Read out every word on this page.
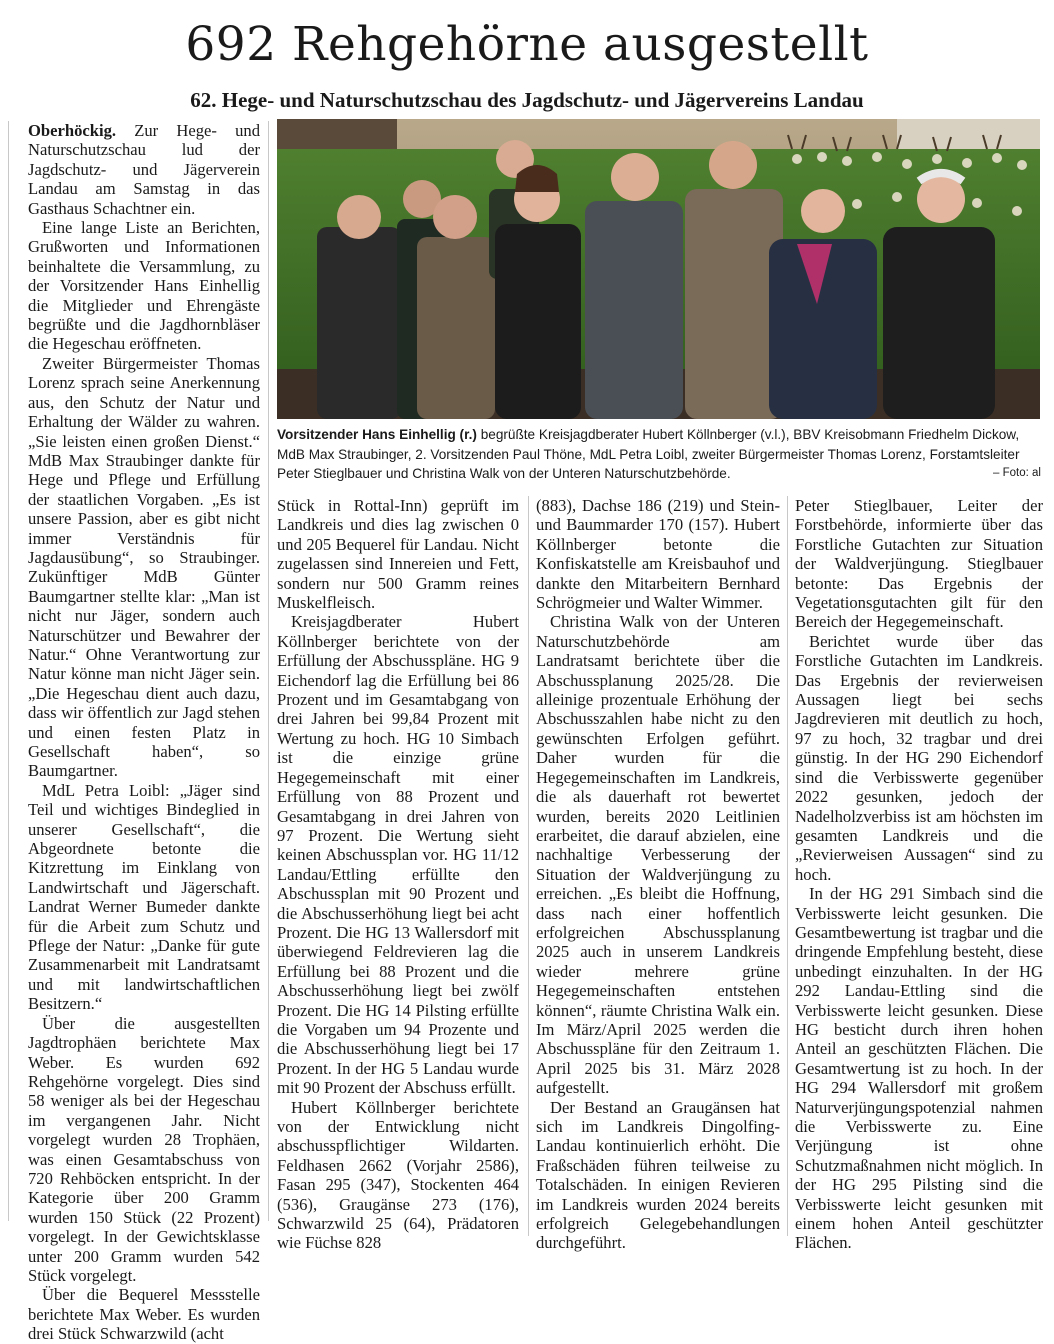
692 Rehgehörne ausgestellt
62. Hege- und Naturschutzschau des Jagdschutz- und Jägervereins Landau

Oberhöckig. Zur Hege- und Naturschutzschau lud der Jagdschutz- und Jägerverein Landau am Samstag in das Gasthaus Schachtner ein.

Eine lange Liste an Berichten, Grußworten und Informationen beinhaltete die Versammlung, zu der Vorsitzender Hans Einhellig die Mitglieder und Ehrengäste begrüßte und die Jagdhornbläser die Hegeschau eröffneten.

Zweiter Bürgermeister Thomas Lorenz sprach seine Anerkennung aus, den Schutz der Natur und Erhaltung der Wälder zu wahren. „Sie leisten einen großen Dienst.“ MdB Max Straubinger dankte für Hege und Pflege und Erfüllung der staatlichen Vorgaben. „Es ist unsere Passion, aber es gibt nicht immer Verständnis für Jagdausübung“, so Straubinger. Zukünftiger MdB Günter Baumgartner stellte klar: „Man ist nicht nur Jäger, sondern auch Naturschützer und Bewahrer der Natur.“ Ohne Verantwortung zur Natur könne man nicht Jäger sein. „Die Hegeschau dient auch dazu, dass wir öffentlich zur Jagd stehen und einen festen Platz in Gesellschaft haben“, so Baumgartner.

MdL Petra Loibl: „Jäger sind Teil und wichtiges Bindeglied in unserer Gesellschaft“, die Abgeordnete betonte die Kitzrettung im Einklang von Landwirtschaft und Jägerschaft. Landrat Werner Bumeder dankte für die Arbeit zum Schutz und Pflege der Natur: „Danke für gute Zusammenarbeit mit Landratsamt und mit landwirtschaftlichen Besitzern.“

Über die ausgestellten Jagdtrophäen berichtete Max Weber. Es wurden 692 Rehgehörne vorgelegt. Dies sind 58 weniger als bei der Hegeschau im vergangenen Jahr. Nicht vorgelegt wurden 28 Trophäen, was einen Gesamtabschuss von 720 Rehböcken entspricht. In der Kategorie über 200 Gramm wurden 150 Stück (22 Prozent) vorgelegt. In der Gewichtsklasse unter 200 Gramm wurden 542 Stück vorgelegt.

Über die Bequerel Messstelle berichtete Max Weber. Es wurden drei Stück Schwarzwild (acht

Vorsitzender Hans Einhellig (r.) begrüßte Kreisjagdberater Hubert Köllnberger (v.l.), BBV Kreisobmann Friedhelm Dickow, MdB Max Straubinger, 2. Vorsitzenden Paul Thöne, MdL Petra Loibl, zweiter Bürgermeister Thomas Lorenz, Forstamtsleiter Peter Stieglbauer und Christina Walk von der Unteren Naturschutzbehörde.	– Foto: al

Stück in Rottal-Inn) geprüft im Landkreis und dies lag zwischen 0 und 205 Bequerel für Landau. Nicht zugelassen sind Innereien und Fett, sondern nur 500 Gramm reines Muskelfleisch.

Kreisjagdberater Hubert Köllnberger berichtete von der Erfüllung der Abschusspläne. HG 9 Eichendorf lag die Erfüllung bei 86 Prozent und im Gesamtabgang von drei Jahren bei 99,84 Prozent mit Wertung zu hoch. HG 10 Simbach ist die einzige grüne Hegegemeinschaft mit einer Erfüllung von 88 Prozent und Gesamtabgang in drei Jahren von 97 Prozent. Die Wertung sieht keinen Abschussplan vor. HG 11/12 Landau/Ettling erfüllte den Abschussplan mit 90 Prozent und die Abschusserhöhung liegt bei acht Prozent. Die HG 13 Wallersdorf mit überwiegend Feldrevieren lag die Erfüllung bei 88 Prozent und die Abschusserhöhung liegt bei zwölf Prozent. Die HG 14 Pilsting erfüllte die Vorgaben um 94 Prozente und die Abschusserhöhung liegt bei 17 Prozent. In der HG 5 Landau wurde mit 90 Prozent der Abschuss erfüllt.

Hubert Köllnberger berichtete von der Entwicklung nicht abschusspflichtiger Wildarten. Feldhasen 2662 (Vorjahr 2586), Fasan 295 (347), Stockenten 464 (536), Graugänse 273 (176), Schwarzwild 25 (64), Prädatoren wie Füchse 828

(883), Dachse 186 (219) und Stein- und Baummarder 170 (157). Hubert Köllnberger betonte die Konfiskatstelle am Kreisbauhof und dankte den Mitarbeitern Bernhard Schrögmeier und Walter Wimmer.

Christina Walk von der Unteren Naturschutzbehörde am Landratsamt berichtete über die Abschussplanung 2025/28. Die alleinige prozentuale Erhöhung der Abschusszahlen habe nicht zu den gewünschten Erfolgen geführt. Daher wurden für die Hegegemeinschaften im Landkreis, die als dauerhaft rot bewertet wurden, bereits 2020 Leitlinien erarbeitet, die darauf abzielen, eine nachhaltige Verbesserung der Situation der Waldverjüngung zu erreichen. „Es bleibt die Hoffnung, dass nach einer hoffentlich erfolgreichen Abschussplanung 2025 auch in unserem Landkreis wieder mehrere grüne Hegegemeinschaften entstehen können“, räumte Christina Walk ein. Im März/April 2025 werden die Abschusspläne für den Zeitraum 1. April 2025 bis 31. März 2028 aufgestellt.

Der Bestand an Graugänsen hat sich im Landkreis Dingolfing-Landau kontinuierlich erhöht. Die Fraßschäden führen teilweise zu Totalschäden. In einigen Revieren im Landkreis wurden 2024 bereits erfolgreich Gelegebehandlungen durchgeführt.

Peter Stieglbauer, Leiter der Forstbehörde, informierte über das Forstliche Gutachten zur Situation der Waldverjüngung. Stieglbauer betonte: Das Ergebnis der Vegetationsgutachten gilt für den Bereich der Hegegemeinschaft.

Berichtet wurde über das Forstliche Gutachten im Landkreis. Das Ergebnis der revierweisen Aussagen liegt bei sechs Jagdrevieren mit deutlich zu hoch, 97 zu hoch, 32 tragbar und drei günstig. In der HG 290 Eichendorf sind die Verbisswerte gegenüber 2022 gesunken, jedoch der Nadelholzverbiss ist am höchsten im gesamten Landkreis und die „Revierweisen Aussagen“ sind zu hoch.

In der HG 291 Simbach sind die Verbisswerte leicht gesunken. Die Gesamtbewertung ist tragbar und die dringende Empfehlung besteht, diese unbedingt einzuhalten. In der HG 292 Landau-Ettling sind die Verbisswerte leicht gesunken. Diese HG besticht durch ihren hohen Anteil an geschützten Flächen. Die Gesamtwertung ist zu hoch. In der HG 294 Wallersdorf mit großem Naturverjüngungspotenzial nahmen die Verbisswerte zu. Eine Verjüngung ist ohne Schutzmaßnahmen nicht möglich. In der HG 295 Pilsting sind die Verbisswerte leicht gesunken mit einem hohen Anteil geschützter Flächen.
